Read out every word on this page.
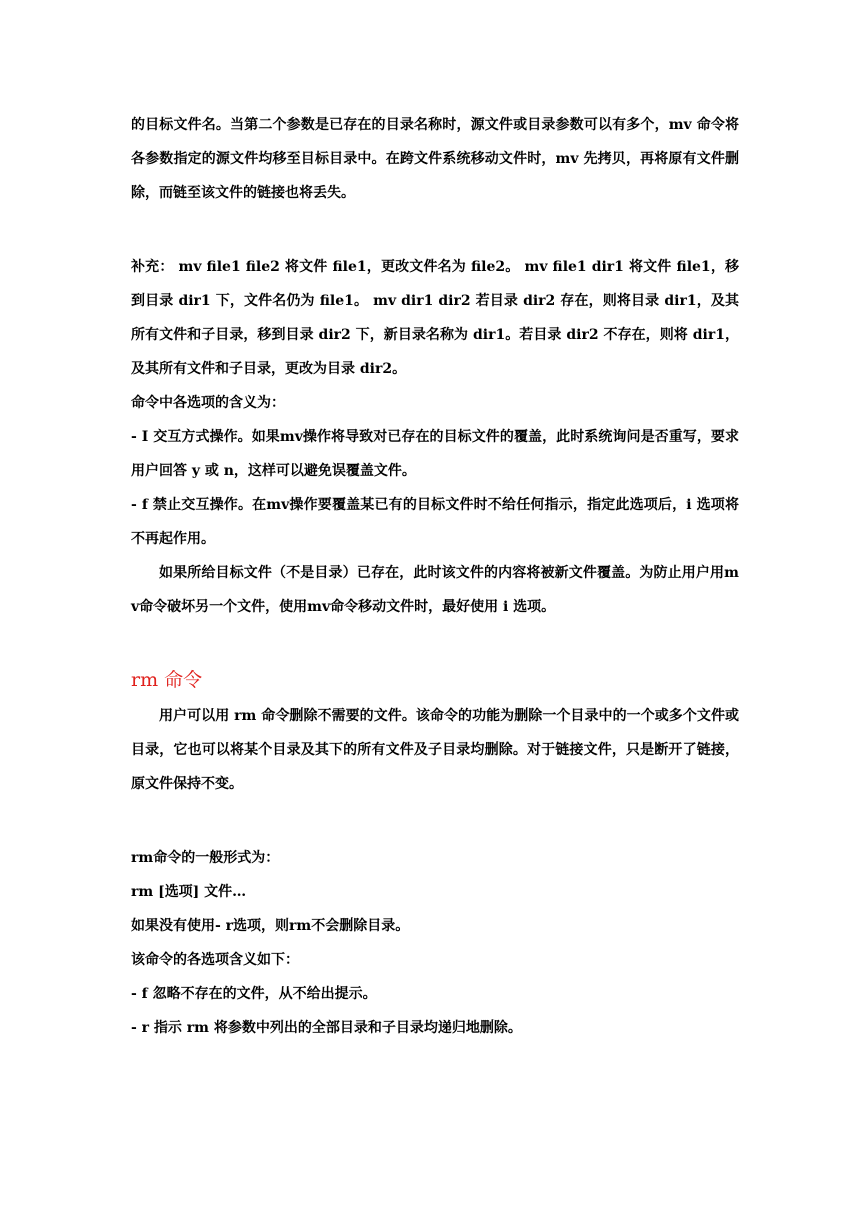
的目标文件名。当第二个参数是已存在的目录名称时，源文件或目录参数可以有多个，mv 命令将各参数指定的源文件均移至目标目录中。在跨文件系统移动文件时，mv 先拷贝，再将原有文件删除，而链至该文件的链接也将丢失。

补充： mv file1 file2 将文件 file1，更改文件名为 file2。 mv file1 dir1 将文件 file1，移到目录 dir1 下，文件名仍为 file1。 mv dir1 dir2 若目录 dir2 存在，则将目录 dir1，及其所有文件和子目录，移到目录 dir2 下，新目录名称为 dir1。若目录 dir2 不存在，则将 dir1，及其所有文件和子目录，更改为目录 dir2。

命令中各选项的含义为：

- I 交互方式操作。如果mv操作将导致对已存在的目标文件的覆盖，此时系统询问是否重写，要求用户回答 y 或 n，这样可以避免误覆盖文件。

- f 禁止交互操作。在mv操作要覆盖某已有的目标文件时不给任何指示，指定此选项后，i 选项将不再起作用。

如果所给目标文件（不是目录）已存在，此时该文件的内容将被新文件覆盖。为防止用户用mv命令破坏另一个文件，使用mv命令移动文件时，最好使用 i 选项。

rm 命令

用户可以用 rm 命令删除不需要的文件。该命令的功能为删除一个目录中的一个或多个文件或目录，它也可以将某个目录及其下的所有文件及子目录均删除。对于链接文件，只是断开了链接，原文件保持不变。

rm命令的一般形式为：

rm [选项] 文件…

如果没有使用- r选项，则rm不会删除目录。

该命令的各选项含义如下：

- f 忽略不存在的文件，从不给出提示。

- r 指示 rm 将参数中列出的全部目录和子目录均递归地删除。
